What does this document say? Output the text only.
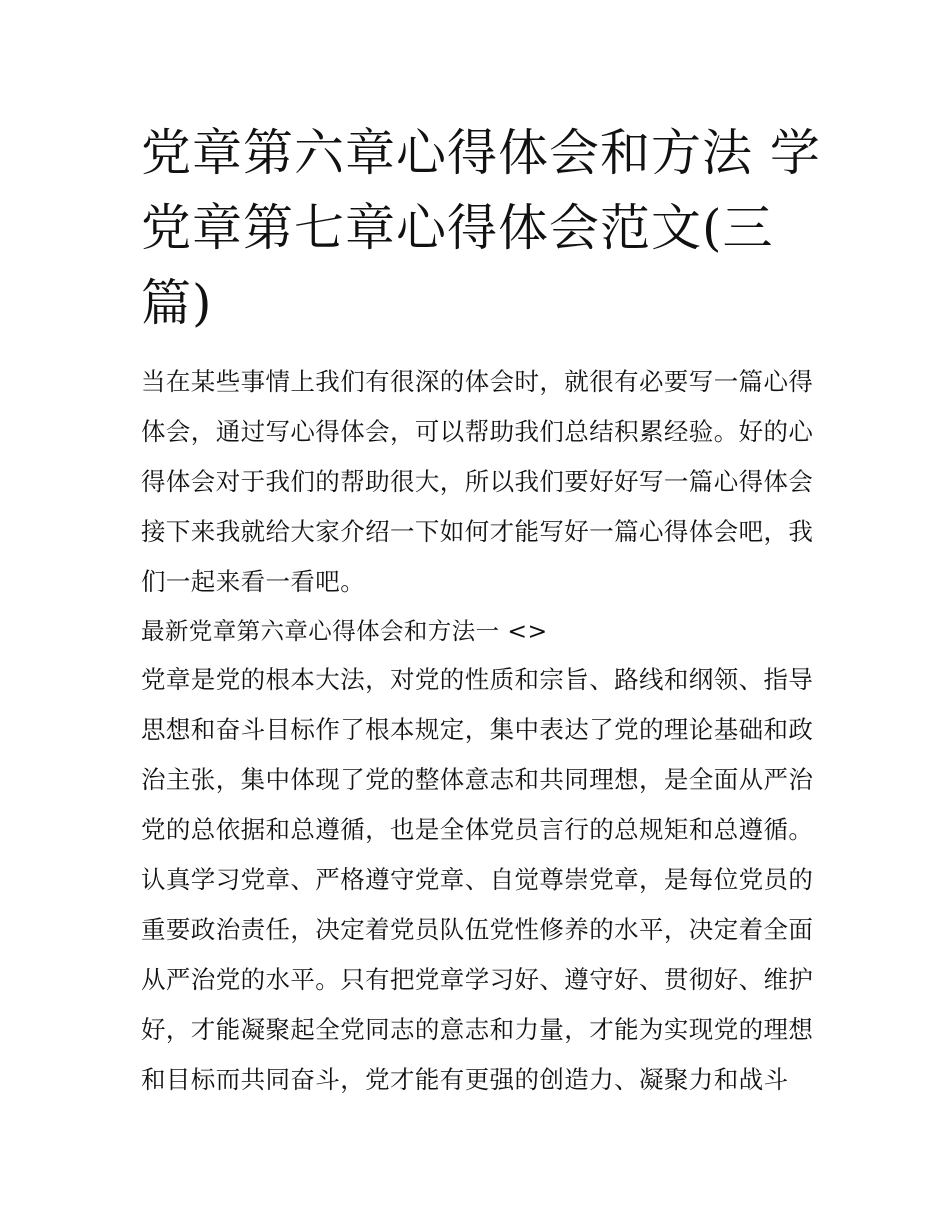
党章第六章心得体会和方法 学
党章第七章心得体会范文(三
篇)
当在某些事情上我们有很深的体会时，就很有必要写一篇心得
体会，通过写心得体会，可以帮助我们总结积累经验。好的心
得体会对于我们的帮助很大，所以我们要好好写一篇心得体会
接下来我就给大家介绍一下如何才能写好一篇心得体会吧，我
们一起来看一看吧。
最新党章第六章心得体会和方法一 <>
党章是党的根本大法，对党的性质和宗旨、路线和纲领、指导
思想和奋斗目标作了根本规定，集中表达了党的理论基础和政
治主张，集中体现了党的整体意志和共同理想，是全面从严治
党的总依据和总遵循，也是全体党员言行的总规矩和总遵循。
认真学习党章、严格遵守党章、自觉尊崇党章，是每位党员的
重要政治责任，决定着党员队伍党性修养的水平，决定着全面
从严治党的水平。只有把党章学习好、遵守好、贯彻好、维护
好，才能凝聚起全党同志的意志和力量，才能为实现党的理想
和目标而共同奋斗，党才能有更强的创造力、凝聚力和战斗
